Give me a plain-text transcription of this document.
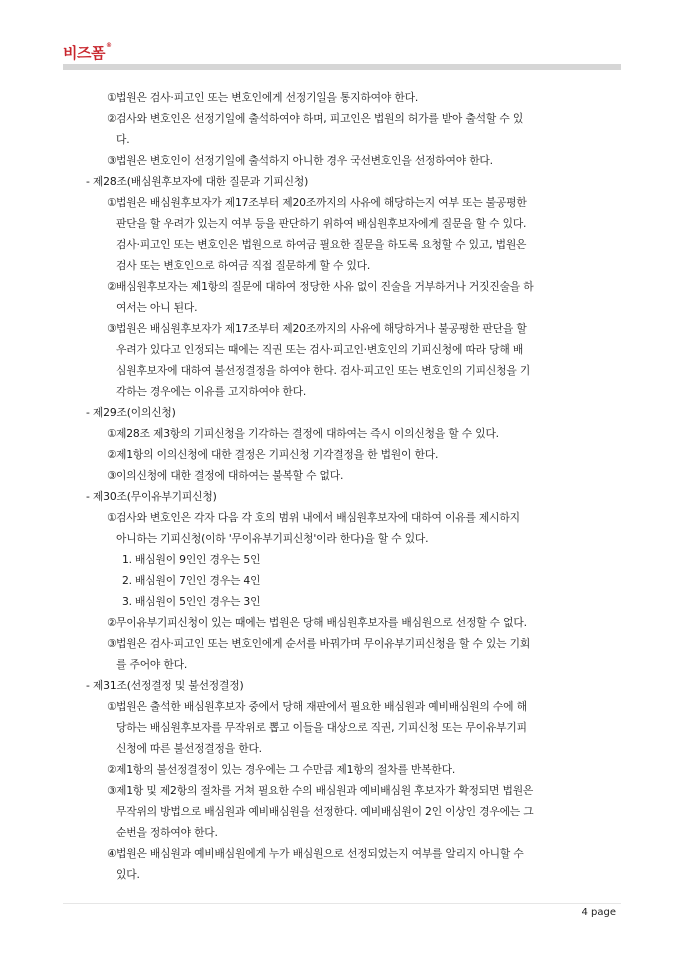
비즈폼®
① 법원은 검사·피고인 또는 변호인에게 선정기일을 통지하여야 한다.
② 검사와 변호인은 선정기일에 출석하여야 하며, 피고인은 법원의 허가를 받아 출석할 수 있
다.
③ 법원은 변호인이 선정기일에 출석하지 아니한 경우 국선변호인을 선정하여야 한다.
- 제28조(배심원후보자에 대한 질문과 기피신청)
① 법원은 배심원후보자가 제17조부터 제20조까지의 사유에 해당하는지 여부 또는 불공평한
판단을 할 우려가 있는지 여부 등을 판단하기 위하여 배심원후보자에게 질문을 할 수 있다.
검사·피고인 또는 변호인은 법원으로 하여금 필요한 질문을 하도록 요청할 수 있고, 법원은
검사 또는 변호인으로 하여금 직접 질문하게 할 수 있다.
② 배심원후보자는 제1항의 질문에 대하여 정당한 사유 없이 진술을 거부하거나 거짓진술을 하
여서는 아니 된다.
③ 법원은 배심원후보자가 제17조부터 제20조까지의 사유에 해당하거나 불공평한 판단을 할
우려가 있다고 인정되는 때에는 직권 또는 검사·피고인·변호인의 기피신청에 따라 당해 배
심원후보자에 대하여 불선정결정을 하여야 한다. 검사·피고인 또는 변호인의 기피신청을 기
각하는 경우에는 이유를 고지하여야 한다.
- 제29조(이의신청)
① 제28조 제3항의 기피신청을 기각하는 결정에 대하여는 즉시 이의신청을 할 수 있다.
② 제1항의 이의신청에 대한 결정은 기피신청 기각결정을 한 법원이 한다.
③ 이의신청에 대한 결정에 대하여는 불복할 수 없다.
- 제30조(무이유부기피신청)
① 검사와 변호인은 각자 다음 각 호의 범위 내에서 배심원후보자에 대하여 이유를 제시하지
아니하는 기피신청(이하 '무이유부기피신청'이라 한다)을 할 수 있다.
1. 배심원이 9인인 경우는 5인
2. 배심원이 7인인 경우는 4인
3. 배심원이 5인인 경우는 3인
② 무이유부기피신청이 있는 때에는 법원은 당해 배심원후보자를 배심원으로 선정할 수 없다.
③ 법원은 검사·피고인 또는 변호인에게 순서를 바꿔가며 무이유부기피신청을 할 수 있는 기회
를 주어야 한다.
- 제31조(선정결정 및 불선정결정)
① 법원은 출석한 배심원후보자 중에서 당해 재판에서 필요한 배심원과 예비배심원의 수에 해
당하는 배심원후보자를 무작위로 뽑고 이들을 대상으로 직권, 기피신청 또는 무이유부기피
신청에 따른 불선정결정을 한다.
② 제1항의 불선정결정이 있는 경우에는 그 수만큼 제1항의 절차를 반복한다.
③ 제1항 및 제2항의 절차를 거쳐 필요한 수의 배심원과 예비배심원 후보자가 확정되면 법원은
무작위의 방법으로 배심원과 예비배심원을 선정한다. 예비배심원이 2인 이상인 경우에는 그
순번을 정하여야 한다.
④ 법원은 배심원과 예비배심원에게 누가 배심원으로 선정되었는지 여부를 알리지 아니할 수
있다.
4 page
